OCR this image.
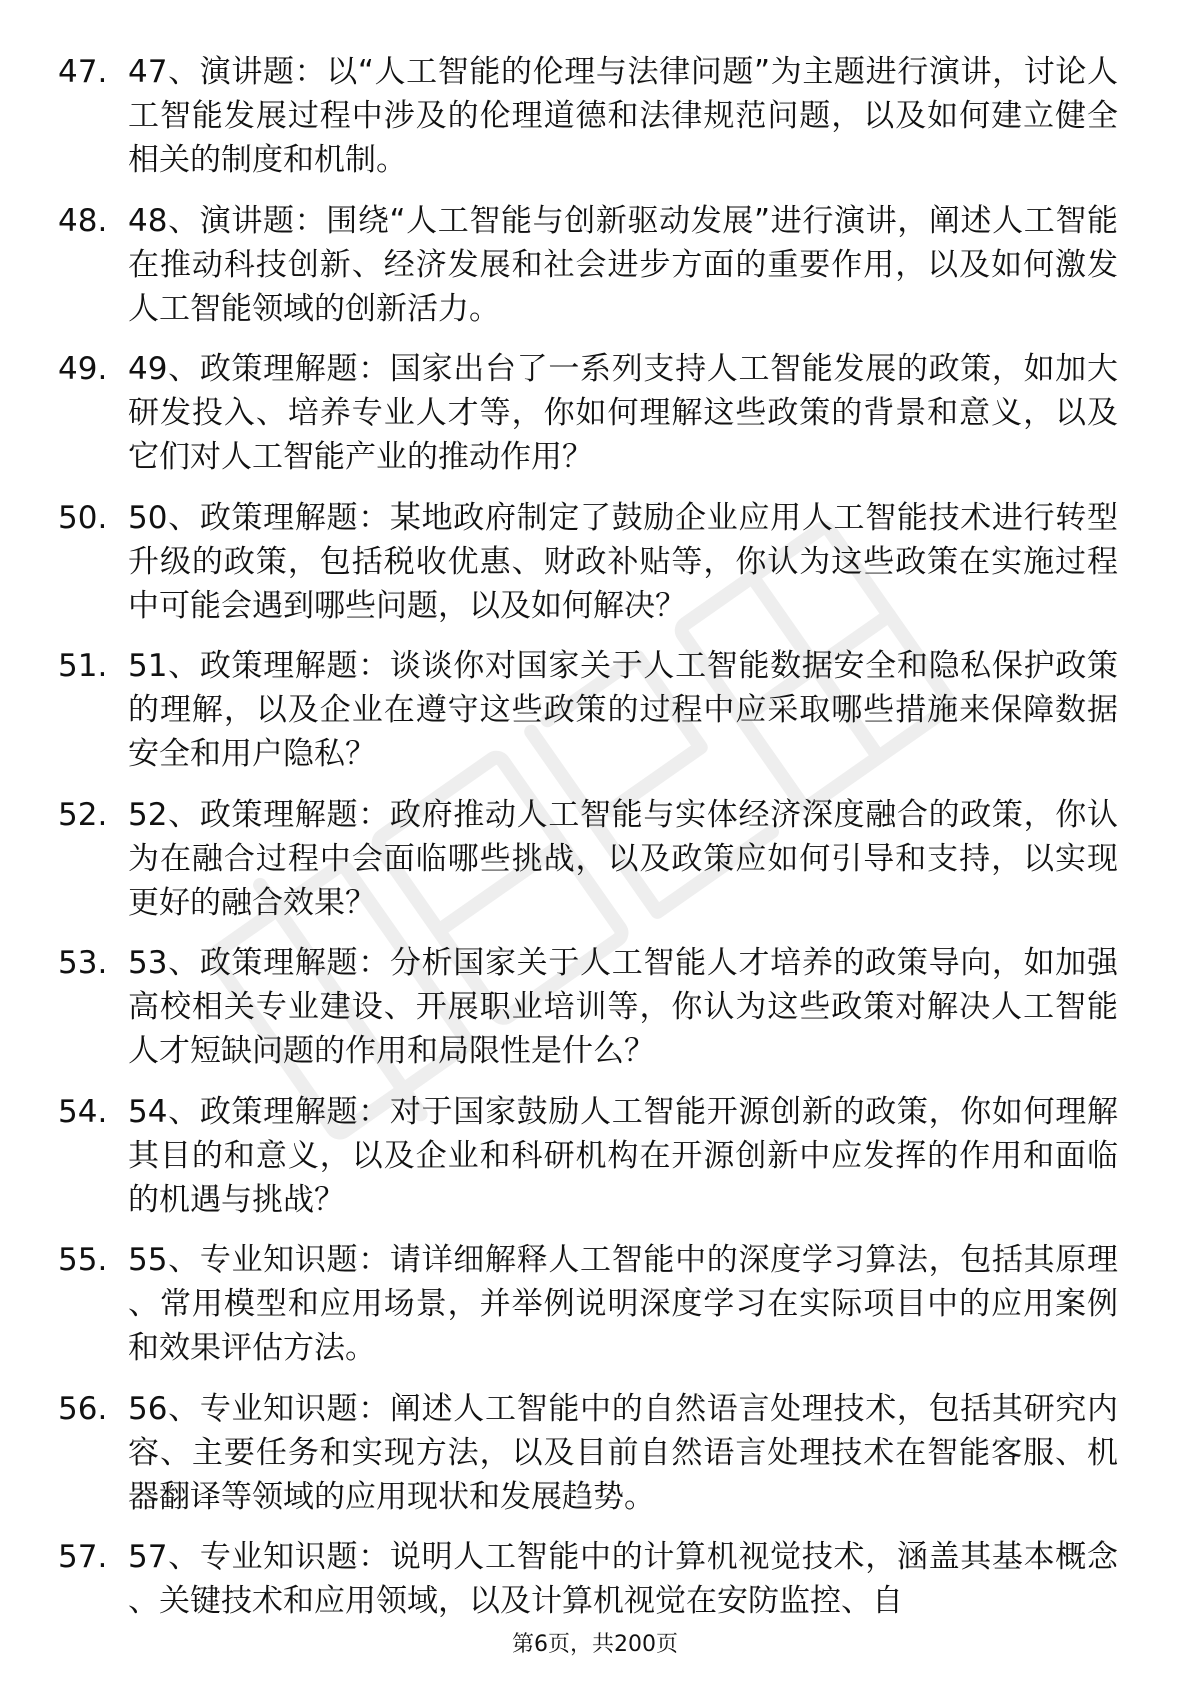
47. 47、演讲题：以“人工智能的伦理与法律问题”为主题进行演讲，讨论人工智能发展过程中涉及的伦理道德和法律规范问题，以及如何建立健全相关的制度和机制。
48. 48、演讲题：围绕“人工智能与创新驱动发展”进行演讲，阐述人工智能在推动科技创新、经济发展和社会进步方面的重要作用，以及如何激发人工智能领域的创新活力。
49. 49、政策理解题：国家出台了一系列支持人工智能发展的政策，如加大研发投入、培养专业人才等，你如何理解这些政策的背景和意义，以及它们对人工智能产业的推动作用？
50. 50、政策理解题：某地政府制定了鼓励企业应用人工智能技术进行转型升级的政策，包括税收优惠、财政补贴等，你认为这些政策在实施过程中可能会遇到哪些问题，以及如何解决？
51. 51、政策理解题：谈谈你对国家关于人工智能数据安全和隐私保护政策的理解，以及企业在遵守这些政策的过程中应采取哪些措施来保障数据安全和用户隐私？
52. 52、政策理解题：政府推动人工智能与实体经济深度融合的政策，你认为在融合过程中会面临哪些挑战，以及政策应如何引导和支持，以实现更好的融合效果？
53. 53、政策理解题：分析国家关于人工智能人才培养的政策导向，如加强高校相关专业建设、开展职业培训等，你认为这些政策对解决人工智能人才短缺问题的作用和局限性是什么？
54. 54、政策理解题：对于国家鼓励人工智能开源创新的政策，你如何理解其目的和意义，以及企业和科研机构在开源创新中应发挥的作用和面临的机遇与挑战？
55. 55、专业知识题：请详细解释人工智能中的深度学习算法，包括其原理、常用模型和应用场景，并举例说明深度学习在实际项目中的应用案例和效果评估方法。
56. 56、专业知识题：阐述人工智能中的自然语言处理技术，包括其研究内容、主要任务和实现方法，以及目前自然语言处理技术在智能客服、机器翻译等领域的应用现状和发展趋势。
57. 57、专业知识题：说明人工智能中的计算机视觉技术，涵盖其基本概念、关键技术和应用领域，以及计算机视觉在安防监控、自
第6页，共200页
